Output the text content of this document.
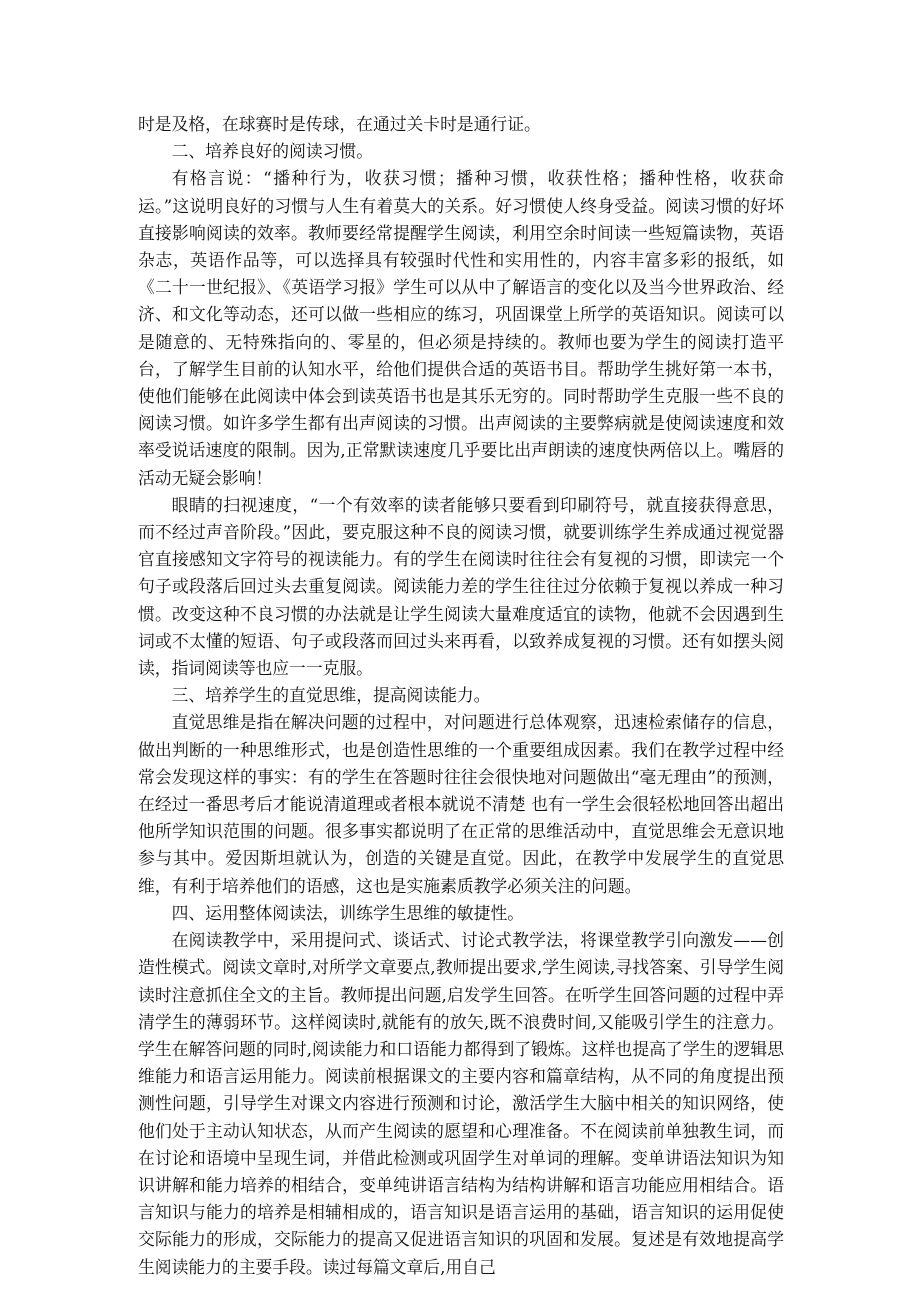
时是及格，在球赛时是传球，在通过关卡时是通行证。

二、培养良好的阅读习惯。

有格言说：“播种行为，收获习惯；播种习惯，收获性格；播种性格，收获命运。”这说明良好的习惯与人生有着莫大的关系。好习惯使人终身受益。阅读习惯的好坏直接影响阅读的效率。教师要经常提醒学生阅读，利用空余时间读一些短篇读物，英语杂志，英语作品等，可以选择具有较强时代性和实用性的，内容丰富多彩的报纸，如《二十一世纪报》、《英语学习报》学生可以从中了解语言的变化以及当今世界政治、经济、和文化等动态，还可以做一些相应的练习，巩固课堂上所学的英语知识。阅读可以是随意的、无特殊指向的、零星的，但必须是持续的。教师也要为学生的阅读打造平台，了解学生目前的认知水平，给他们提供合适的英语书目。帮助学生挑好第一本书，使他们能够在此阅读中体会到读英语书也是其乐无穷的。同时帮助学生克服一些不良的阅读习惯。如许多学生都有出声阅读的习惯。出声阅读的主要弊病就是使阅读速度和效率受说话速度的限制。因为,正常默读速度几乎要比出声朗读的速度快两倍以上。嘴唇的活动无疑会影响！

眼睛的扫视速度，“一个有效率的读者能够只要看到印刷符号，就直接获得意思，而不经过声音阶段。”因此，要克服这种不良的阅读习惯，就要训练学生养成通过视觉器官直接感知文字符号的视读能力。有的学生在阅读时往往会有复视的习惯，即读完一个句子或段落后回过头去重复阅读。阅读能力差的学生往往过分依赖于复视以养成一种习惯。改变这种不良习惯的办法就是让学生阅读大量难度适宜的读物，他就不会因遇到生词或不太懂的短语、句子或段落而回过头来再看，以致养成复视的习惯。还有如摆头阅读，指词阅读等也应一一克服。

三、培养学生的直觉思维，提高阅读能力。

直觉思维是指在解决问题的过程中，对问题进行总体观察，迅速检索储存的信息，做出判断的一种思维形式，也是创造性思维的一个重要组成因素。我们在教学过程中经常会发现这样的事实：有的学生在答题时往往会很快地对问题做出“毫无理由”的预测，在经过一番思考后才能说清道理或者根本就说不清楚 也有一学生会很轻松地回答出超出他所学知识范围的问题。很多事实都说明了在正常的思维活动中，直觉思维会无意识地参与其中。爱因斯坦就认为，创造的关键是直觉。因此，在教学中发展学生的直觉思维，有利于培养他们的语感，这也是实施素质教学必须关注的问题。

四、运用整体阅读法，训练学生思维的敏捷性。

在阅读教学中，采用提问式、谈话式、讨论式教学法，将课堂教学引向激发——创造性模式。阅读文章时,对所学文章要点,教师提出要求,学生阅读,寻找答案、引导学生阅读时注意抓住全文的主旨。教师提出问题,启发学生回答。在听学生回答问题的过程中弄清学生的薄弱环节。这样阅读时,就能有的放矢,既不浪费时间,又能吸引学生的注意力。学生在解答问题的同时,阅读能力和口语能力都得到了锻炼。这样也提高了学生的逻辑思维能力和语言运用能力。阅读前根据课文的主要内容和篇章结构，从不同的角度提出预测性问题，引导学生对课文内容进行预测和讨论，激活学生大脑中相关的知识网络，使他们处于主动认知状态，从而产生阅读的愿望和心理准备。不在阅读前单独教生词，而在讨论和语境中呈现生词，并借此检测或巩固学生对单词的理解。变单讲语法知识为知识讲解和能力培养的相结合，变单纯讲语言结构为结构讲解和语言功能应用相结合。语言知识与能力的培养是相辅相成的，语言知识是语言运用的基础，语言知识的运用促使交际能力的形成，交际能力的提高又促进语言知识的巩固和发展。复述是有效地提高学生阅读能力的主要手段。读过每篇文章后,用自己
